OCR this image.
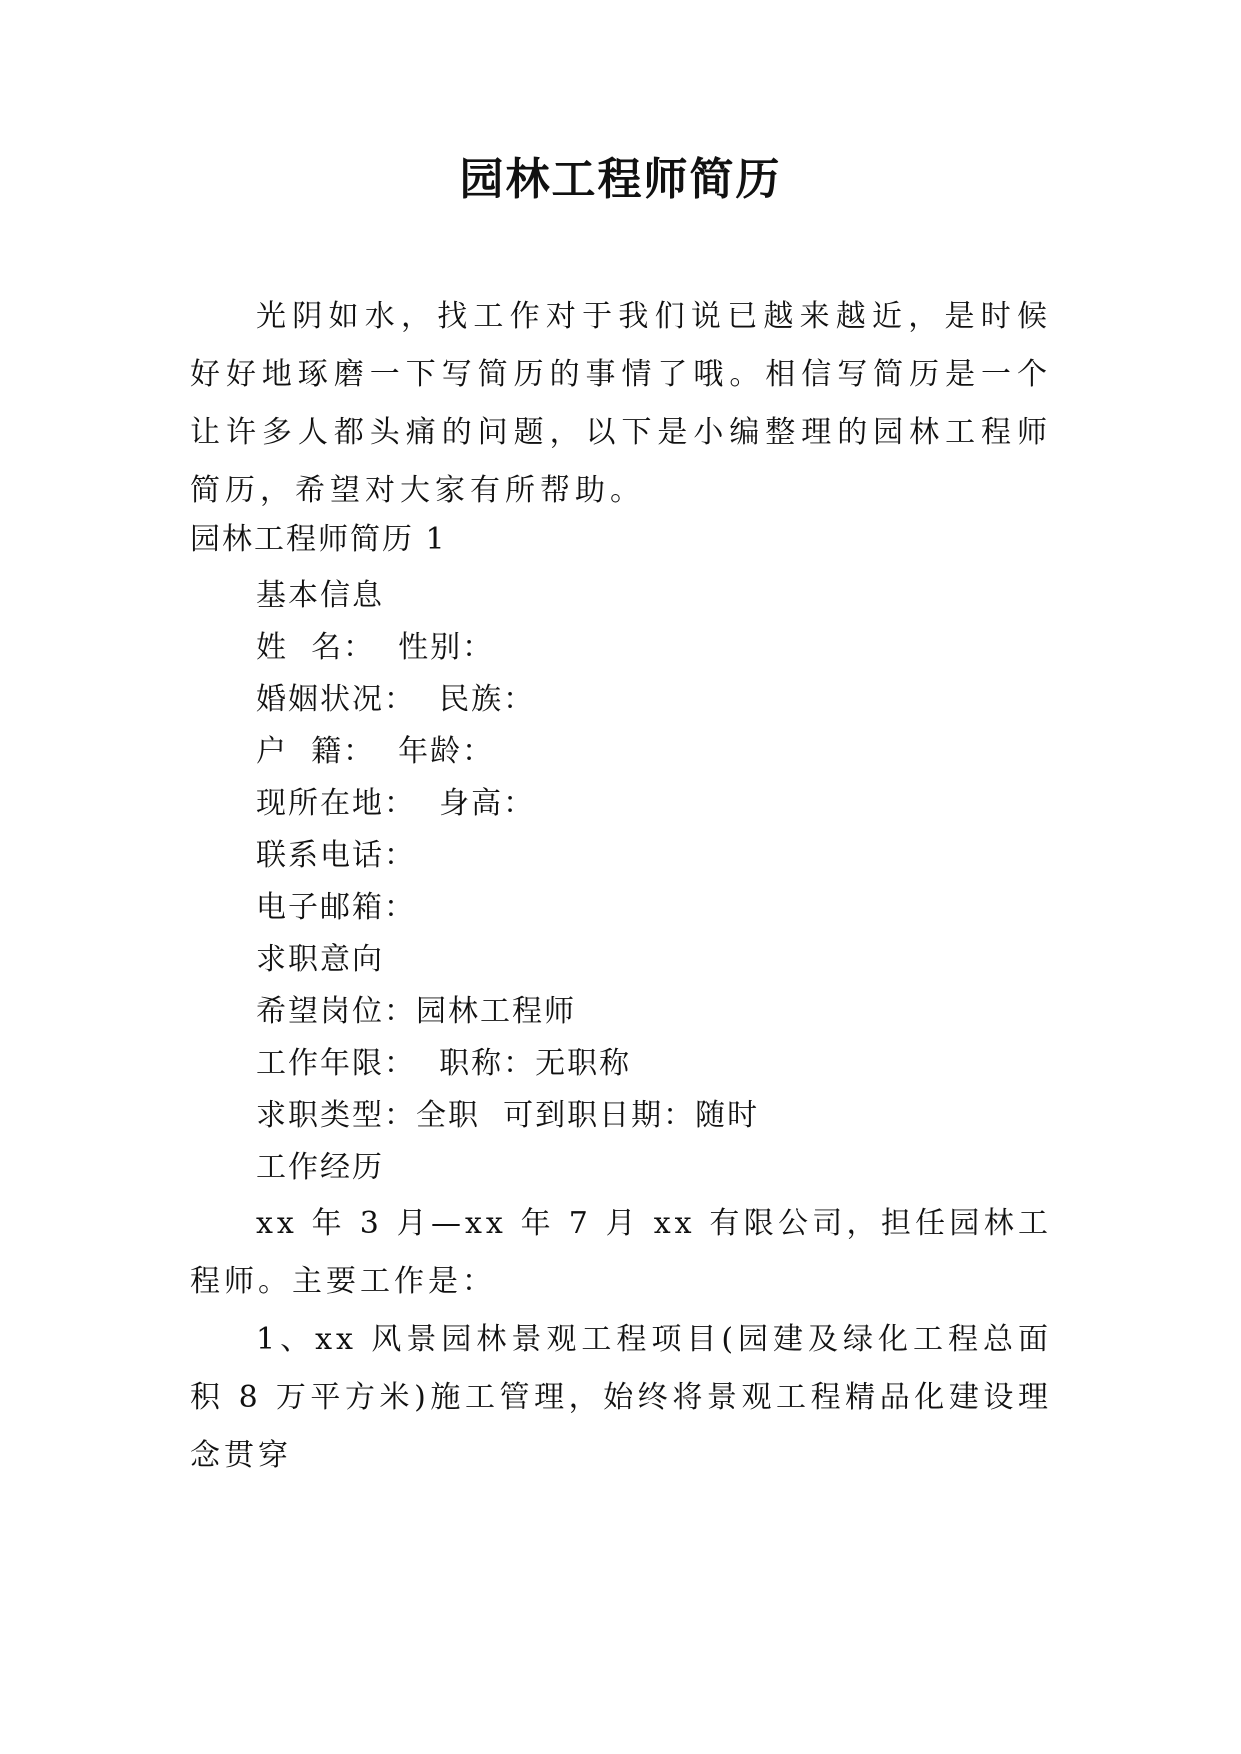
园林工程师简历

光阴如水，找工作对于我们说已越来越近，是时候好好地琢磨一下写简历的事情了哦。相信写简历是一个让许多人都头痛的问题，以下是小编整理的园林工程师简历，希望对大家有所帮助。

园林工程师简历 1
基本信息
姓  名：  性别：
婚姻状况：  民族：
户  籍：  年龄：
现所在地：  身高：
联系电话：
电子邮箱：
求职意向
希望岗位：园林工程师
工作年限：  职称：无职称
求职类型：全职  可到职日期：随时
工作经历

xx 年 3 月—xx 年 7 月 xx 有限公司，担任园林工程师。主要工作是：

1、xx 风景园林景观工程项目(园建及绿化工程总面积 8 万平方米)施工管理，始终将景观工程精品化建设理念贯穿
